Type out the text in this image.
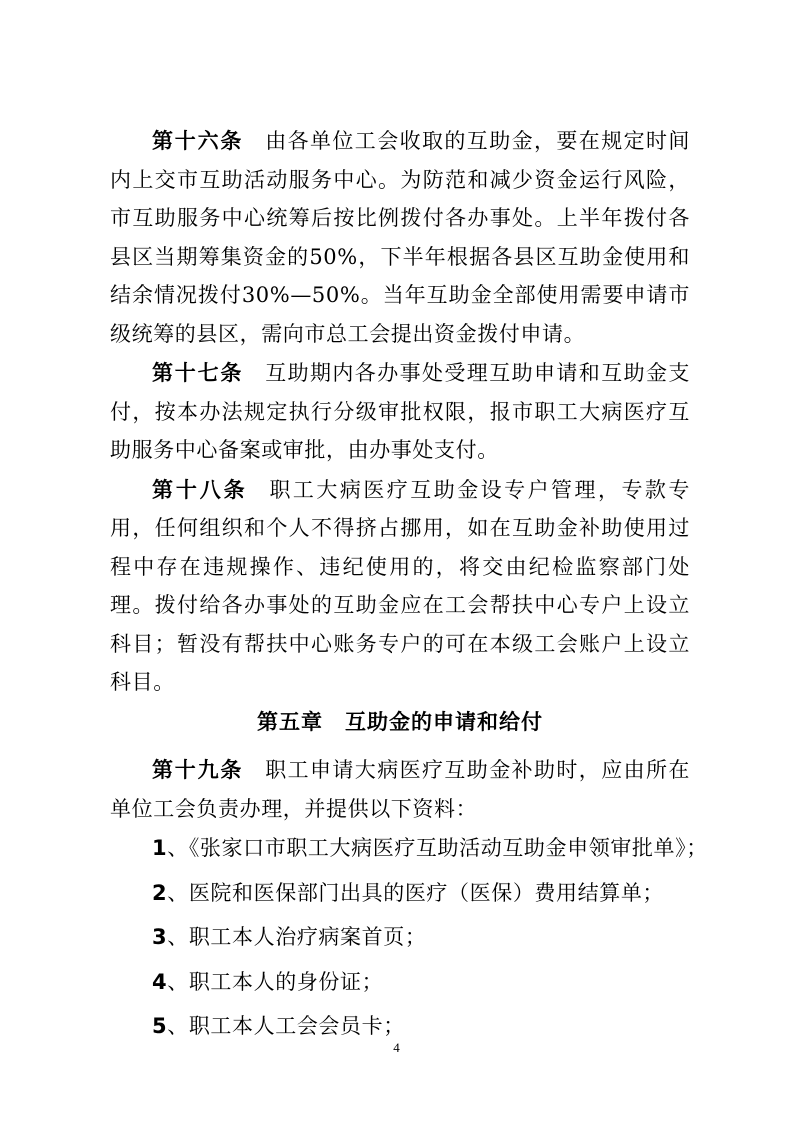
第十六条 由各单位工会收取的互助金，要在规定时间内上交市互助活动服务中心。为防范和减少资金运行风险，市互助服务中心统筹后按比例拨付各办事处。上半年拨付各县区当期筹集资金的50%，下半年根据各县区互助金使用和结余情况拨付30%—50%。当年互助金全部使用需要申请市级统筹的县区，需向市总工会提出资金拨付申请。

第十七条 互助期内各办事处受理互助申请和互助金支付，按本办法规定执行分级审批权限，报市职工大病医疗互助服务中心备案或审批，由办事处支付。

第十八条 职工大病医疗互助金设专户管理，专款专用，任何组织和个人不得挤占挪用，如在互助金补助使用过程中存在违规操作、违纪使用的，将交由纪检监察部门处理。拨付给各办事处的互助金应在工会帮扶中心专户上设立科目；暂没有帮扶中心账务专户的可在本级工会账户上设立科目。

第五章　互助金的申请和给付

第十九条 职工申请大病医疗互助金补助时，应由所在单位工会负责办理，并提供以下资料：

1、《张家口市职工大病医疗互助活动互助金申领审批单》；

2、医院和医保部门出具的医疗（医保）费用结算单；

3、职工本人治疗病案首页；

4、职工本人的身份证；

5、职工本人工会会员卡；

4
